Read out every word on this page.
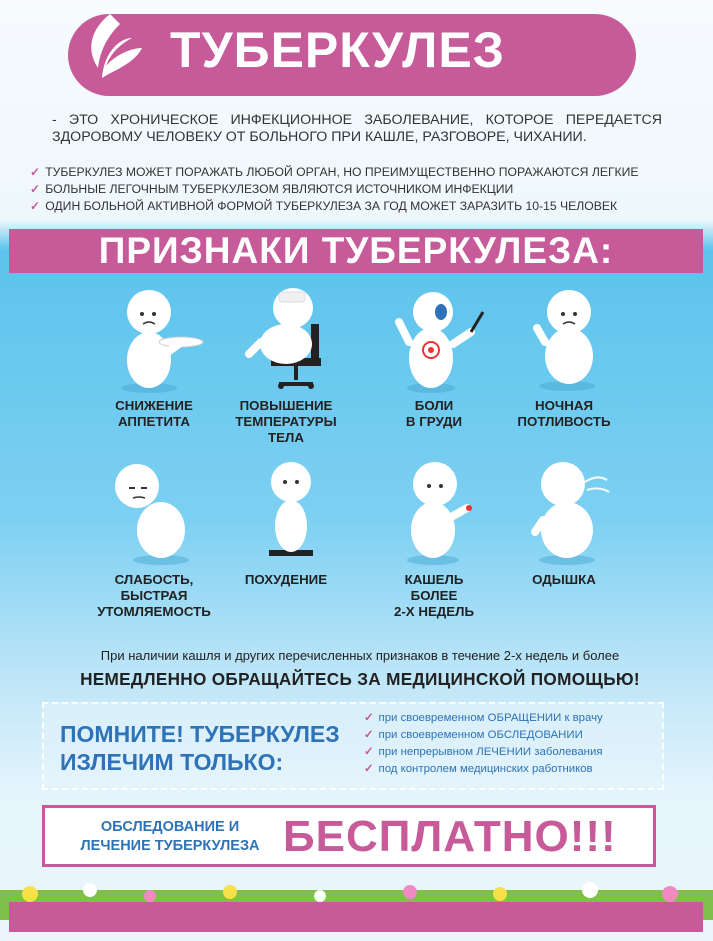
ТУБЕРКУЛЕЗ
- ЭТО ХРОНИЧЕСКОЕ ИНФЕКЦИОННОЕ ЗАБОЛЕВАНИЕ, КОТОРОЕ ПЕРЕДАЕТСЯ ЗДОРОВОМУ ЧЕЛОВЕКУ ОТ БОЛЬНОГО ПРИ КАШЛЕ, РАЗГОВОРЕ, ЧИХАНИИ.
✓ ТУБЕРКУЛЕЗ МОЖЕТ ПОРАЖАТЬ ЛЮБОЙ ОРГАН, НО ПРЕИМУЩЕСТВЕННО ПОРАЖАЮТСЯ ЛЕГКИЕ
✓ БОЛЬНЫЕ ЛЕГОЧНЫМ ТУБЕРКУЛЕЗОМ ЯВЛЯЮТСЯ ИСТОЧНИКОМ ИНФЕКЦИИ
✓ ОДИН БОЛЬНОЙ АКТИВНОЙ ФОРМОЙ ТУБЕРКУЛЕЗА ЗА ГОД МОЖЕТ ЗАРАЗИТЬ 10-15 ЧЕЛОВЕК
ПРИЗНАКИ ТУБЕРКУЛЕЗА:
СНИЖЕНИЕ
АППЕТИТА
ПОВЫШЕНИЕ
ТЕМПЕРАТУРЫ
ТЕЛА
БОЛИ
В ГРУДИ
НОЧНАЯ
ПОТЛИВОСТЬ
СЛАБОСТЬ,
БЫСТРАЯ
УТОМЛЯЕМОСТЬ
ПОХУДЕНИЕ	КАШЕЛЬ
БОЛЕЕ
2-Х НЕДЕЛЬ
ОДЫШКА
При наличии кашля и других перечисленных признаков в течение 2-х недель и более
НЕМЕДЛЕННО ОБРАЩАЙТЕСЬ ЗА МЕДИЦИНСКОЙ ПОМОЩЬЮ!
ПОМНИТЕ! ТУБЕРКУЛЕЗ
ИЗЛЕЧИМ ТОЛЬКО:
✓ при своевременном ОБРАЩЕНИИ к врачу
✓ при своевременном ОБСЛЕДОВАНИИ
✓ при непрерывном ЛЕЧЕНИИ заболевания
✓ под контролем медицинских работников
ОБСЛЕДОВАНИЕ И
ЛЕЧЕНИЕ ТУБЕРКУЛЕЗА БЕСПЛАТНО!!!
